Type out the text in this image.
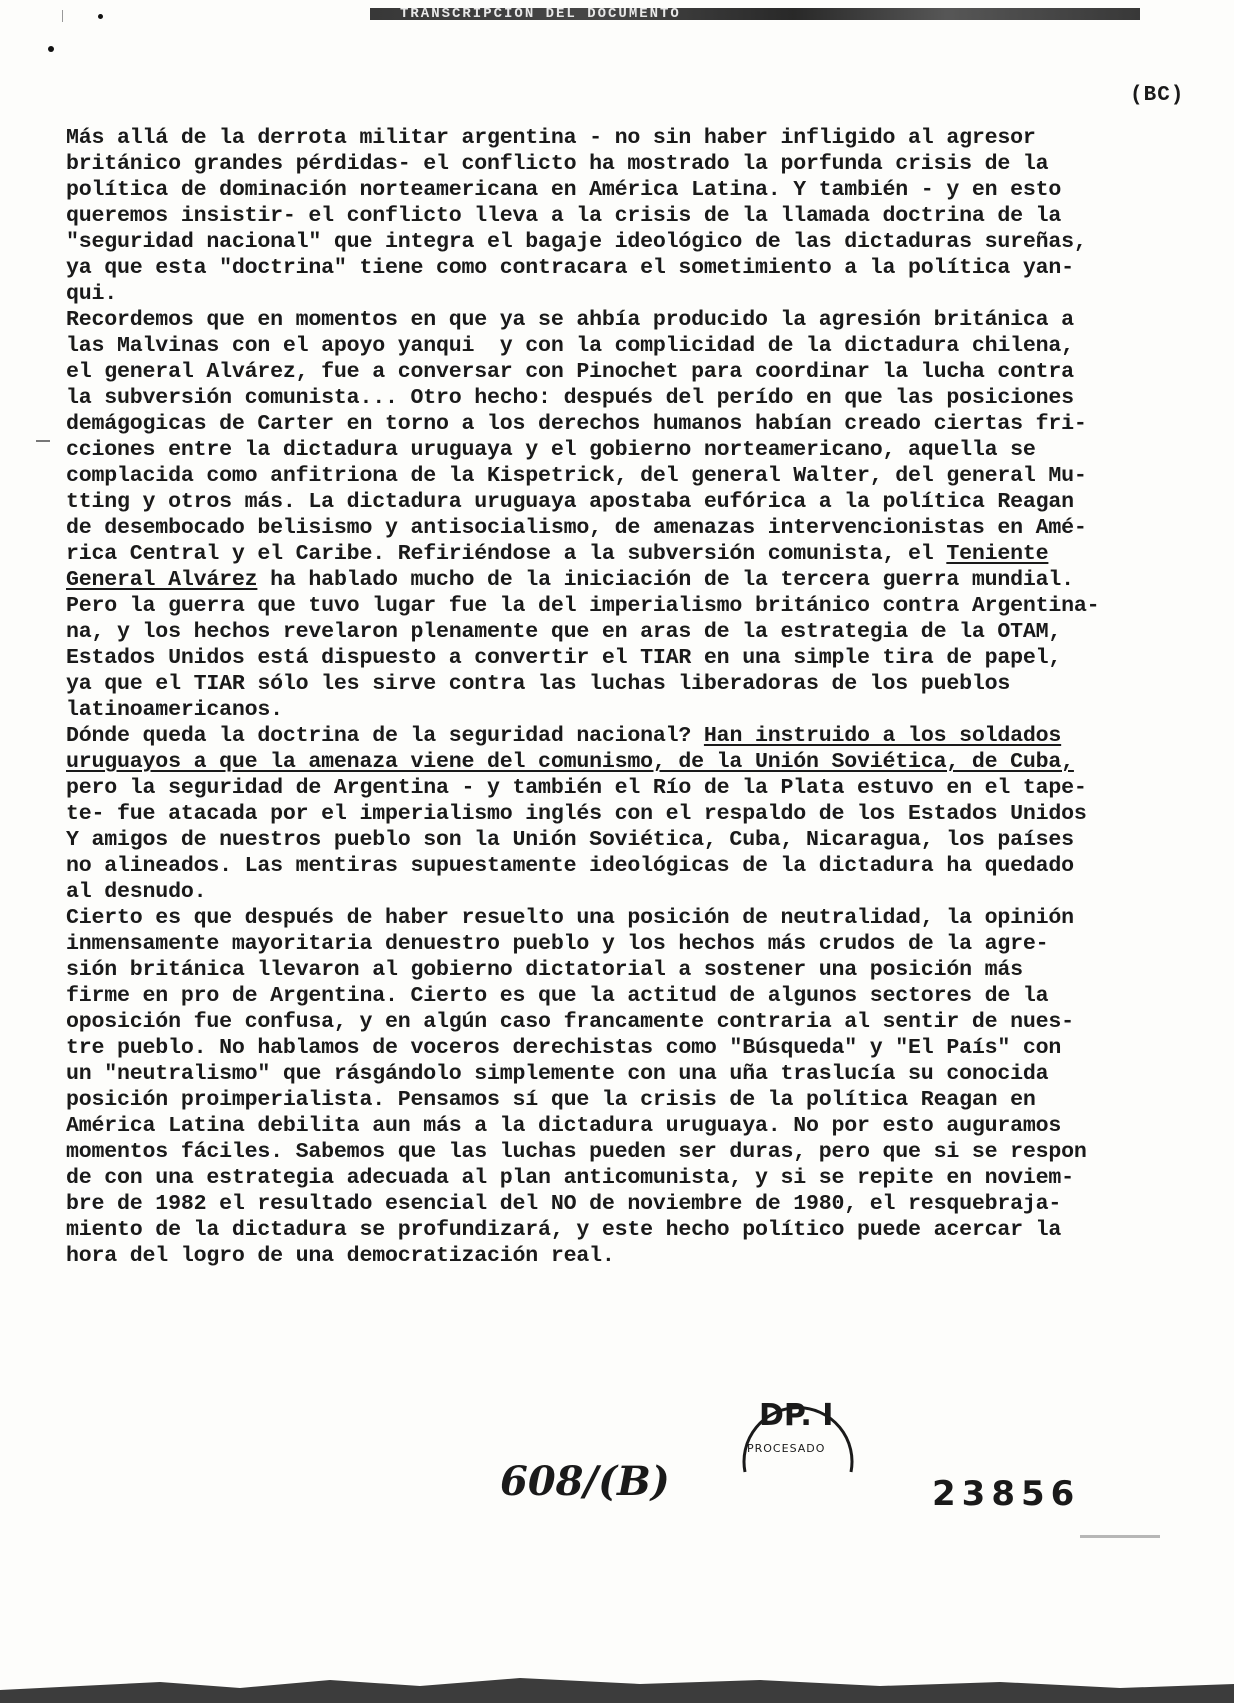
TRANSCRIPCION DEL DOCUMENTO
(BC)
Más allá de la derrota militar argentina - no sin haber infligido al agresor
británico grandes pérdidas- el conflicto ha mostrado la porfunda crisis de la
política de dominación norteamericana en América Latina. Y también - y en esto
queremos insistir- el conflicto lleva a la crisis de la llamada doctrina de la
"seguridad nacional" que integra el bagaje ideológico de las dictaduras sureñas,
ya que esta "doctrina" tiene como contracara el sometimiento a la política yan-
qui.
Recordemos que en momentos en que ya se ahbía producido la agresión británica a
las Malvinas con el apoyo yanqui  y con la complicidad de la dictadura chilena,
el general Alvárez, fue a conversar con Pinochet para coordinar la lucha contra
la subversión comunista... Otro hecho: después del perído en que las posiciones
demágogicas de Carter en torno a los derechos humanos habían creado ciertas fri-
cciones entre la dictadura uruguaya y el gobierno norteamericano, aquella se
complacida como anfitriona de la Kispetrick, del general Walter, del general Mu-
tting y otros más. La dictadura uruguaya apostaba eufórica a la política Reagan
de desembocado belisismo y antisocialismo, de amenazas intervencionistas en Amé-
rica Central y el Caribe. Refiriéndose a la subversión comunista, el Teniente
General Alvárez ha hablado mucho de la iniciación de la tercera guerra mundial.
Pero la guerra que tuvo lugar fue la del imperialismo británico contra Argentina-
na, y los hechos revelaron plenamente que en aras de la estrategia de la OTAM,
Estados Unidos está dispuesto a convertir el TIAR en una simple tira de papel,
ya que el TIAR sólo les sirve contra las luchas liberadoras de los pueblos
latinoamericanos.
Dónde queda la doctrina de la seguridad nacional? Han instruido a los soldados
uruguayos a que la amenaza viene del comunismo, de la Unión Soviética, de Cuba,
pero la seguridad de Argentina - y también el Río de la Plata estuvo en el tape-
te- fue atacada por el imperialismo inglés con el respaldo de los Estados Unidos
Y amigos de nuestros pueblo son la Unión Soviética, Cuba, Nicaragua, los países
no alineados. Las mentiras supuestamente ideológicas de la dictadura ha quedado
al desnudo.
Cierto es que después de haber resuelto una posición de neutralidad, la opinión
inmensamente mayoritaria denuestro pueblo y los hechos más crudos de la agre-
sión británica llevaron al gobierno dictatorial a sostener una posición más
firme en pro de Argentina. Cierto es que la actitud de algunos sectores de la
oposición fue confusa, y en algún caso francamente contraria al sentir de nues-
tre pueblo. No hablamos de voceros derechistas como "Búsqueda" y "El País" con
un "neutralismo" que rásgándolo simplemente con una uña traslucía su conocida
posición proimperialista. Pensamos sí que la crisis de la política Reagan en
América Latina debilita aun más a la dictadura uruguaya. No por esto auguramos
momentos fáciles. Sabemos que las luchas pueden ser duras, pero que si se respon
de con una estrategia adecuada al plan anticomunista, y si se repite en noviem-
bre de 1982 el resultado esencial del NO de noviembre de 1980, el resquebraja-
miento de la dictadura se profundizará, y este hecho político puede acercar la
hora del logro de una democratización real.
DP. I
PROCESADO
608/(B)	23856
